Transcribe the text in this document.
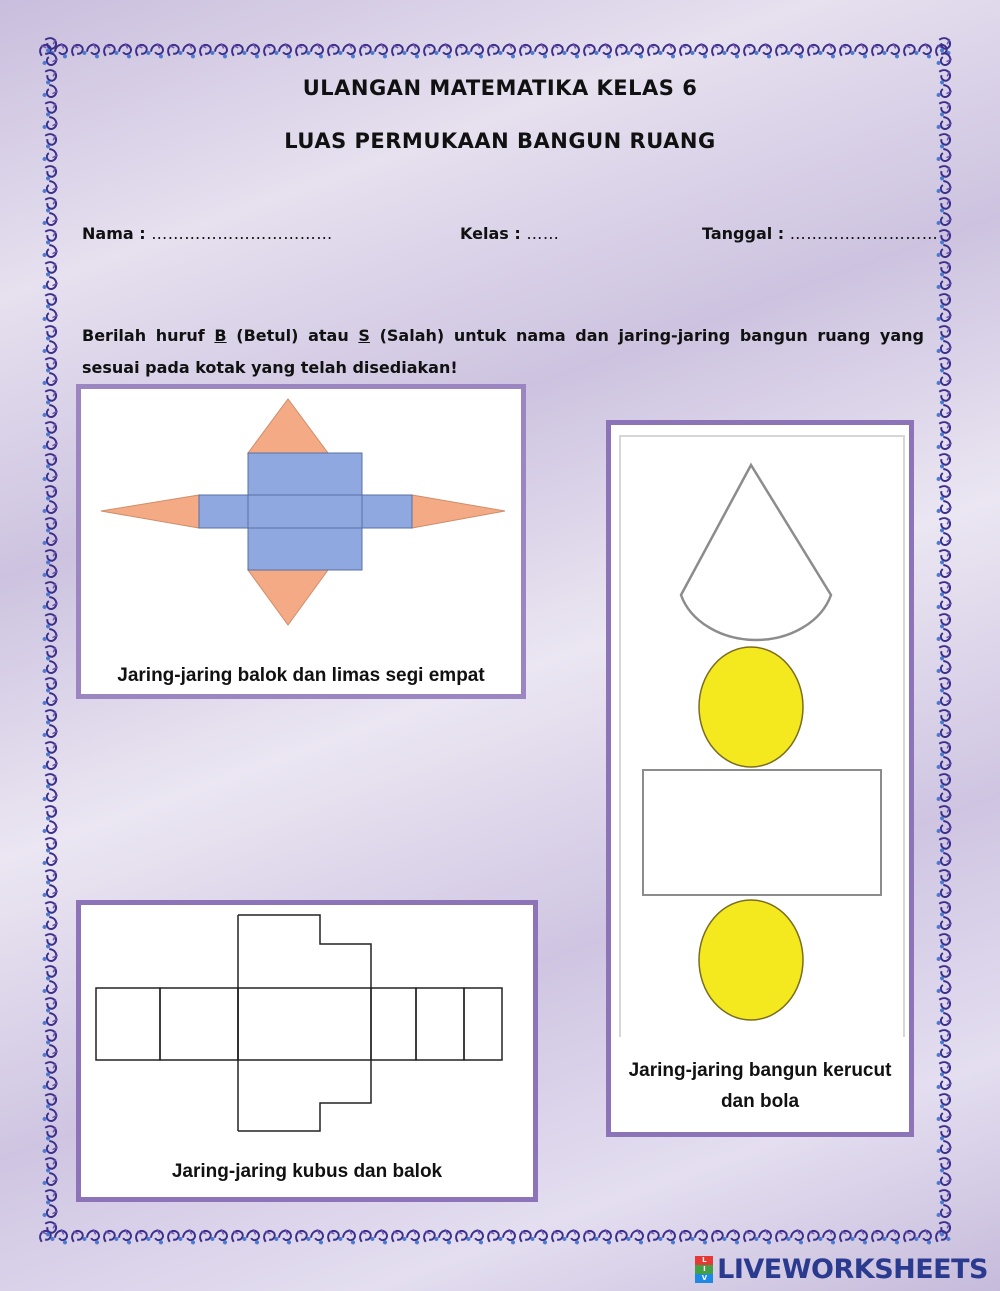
ULANGAN MATEMATIKA KELAS 6
LUAS PERMUKAAN BANGUN RUANG
Nama : ……………………………	Kelas : ……	Tanggal : ………………………
Berilah huruf B (Betul) atau S (Salah) untuk nama dan jaring-jaring bangun ruang yang sesuai pada kotak yang telah disediakan!
Jaring-jaring balok dan limas segi empat
Jaring-jaring kubus dan balok
Jaring-jaring bangun kerucut
dan bola
L
I
V LIVEWORKSHEETS
